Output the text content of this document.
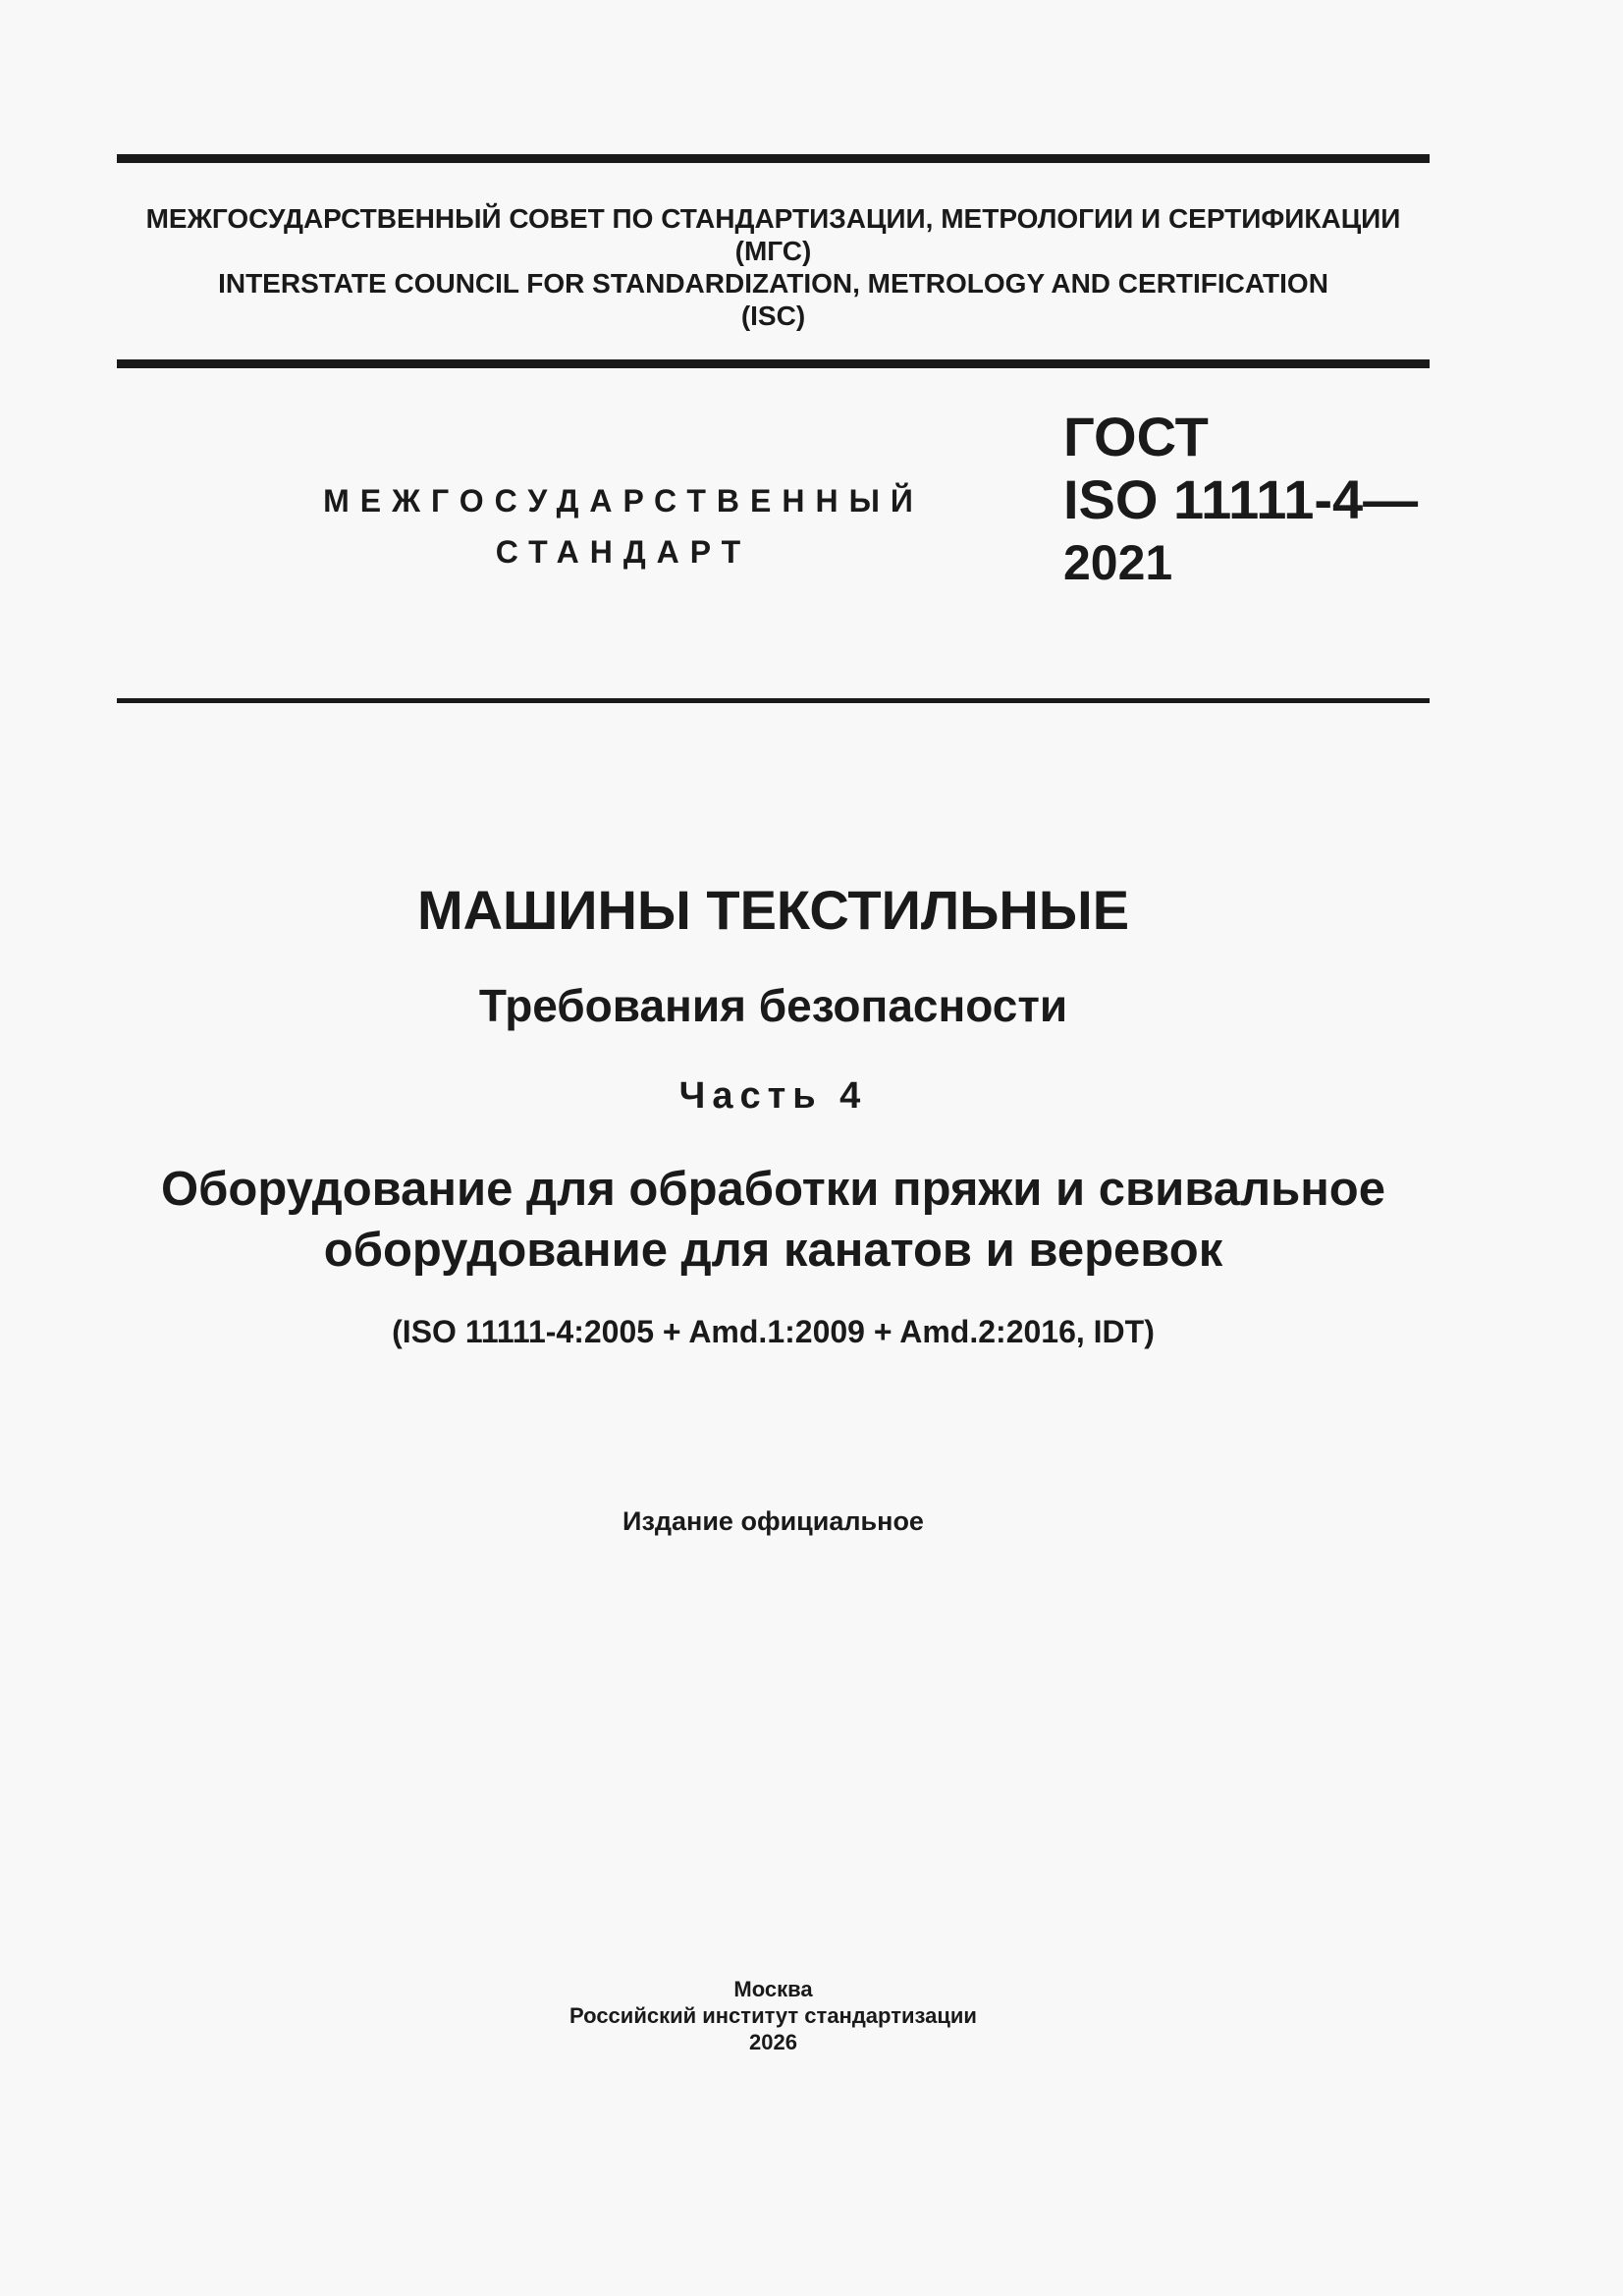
МЕЖГОСУДАРСТВЕННЫЙ СОВЕТ ПО СТАНДАРТИЗАЦИИ, МЕТРОЛОГИИ И СЕРТИФИКАЦИИ
(МГС)
INTERSTATE COUNCIL FOR STANDARDIZATION, METROLOGY AND CERTIFICATION
(ISC)
МЕЖГОСУДАРСТВЕННЫЙ
СТАНДАРТ
ГОСТ
ISO 11111-4—
2021
МАШИНЫ ТЕКСТИЛЬНЫЕ
Требования безопасности
Часть 4
Оборудование для обработки пряжи и свивальное
оборудование для канатов и веревок
(ISO 11111-4:2005 + Amd.1:2009 + Amd.2:2016, IDT)
Издание официальное
Москва
Российский институт стандартизации
2026
